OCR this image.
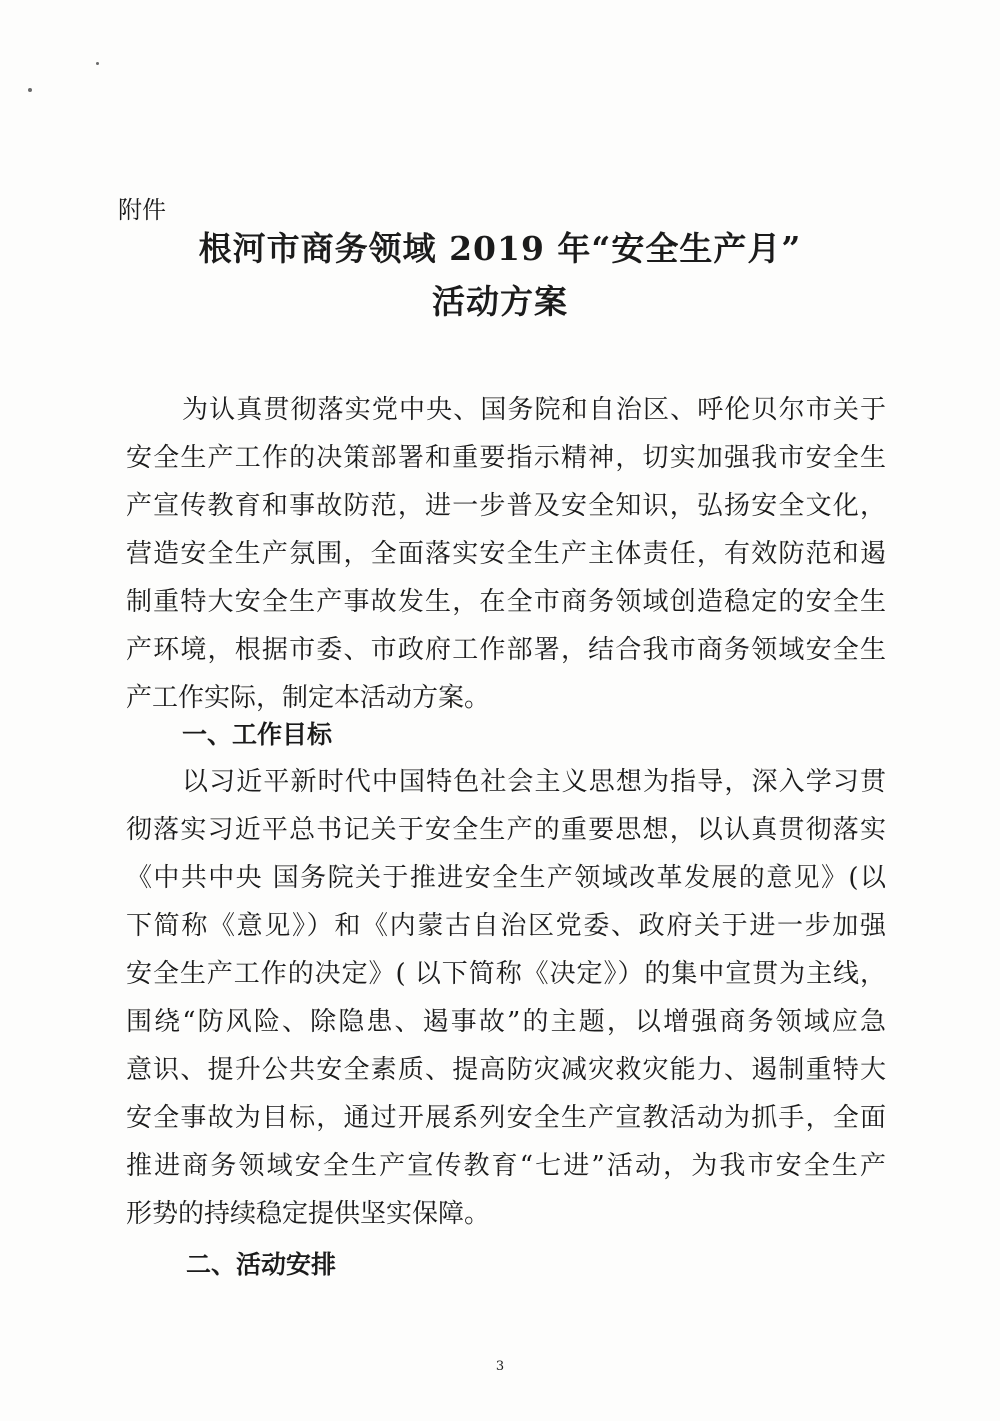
附件
根河市商务领域 2019 年“安全生产月”
活动方案
为认真贯彻落实党中央、国务院和自治区、呼伦贝尔市关于
安全生产工作的决策部署和重要指示精神，切实加强我市安全生
产宣传教育和事故防范，进一步普及安全知识，弘扬安全文化，
营造安全生产氛围，全面落实安全生产主体责任，有效防范和遏
制重特大安全生产事故发生，在全市商务领域创造稳定的安全生
产环境，根据市委、市政府工作部署，结合我市商务领域安全生
产工作实际，制定本活动方案。
一、工作目标
以习近平新时代中国特色社会主义思想为指导，深入学习贯
彻落实习近平总书记关于安全生产的重要思想，以认真贯彻落实
《中共中央 国务院关于推进安全生产领域改革发展的意见》(以
下简称《意见》）和《内蒙古自治区党委、政府关于进一步加强
安全生产工作的决定》( 以下简称《决定》）的集中宣贯为主线，
围绕“防风险、除隐患、遏事故”的主题，以增强商务领域应急
意识、提升公共安全素质、提高防灾减灾救灾能力、遏制重特大
安全事故为目标，通过开展系列安全生产宣教活动为抓手，全面
推进商务领域安全生产宣传教育“七进”活动，为我市安全生产
形势的持续稳定提供坚实保障。
二、活动安排
3
